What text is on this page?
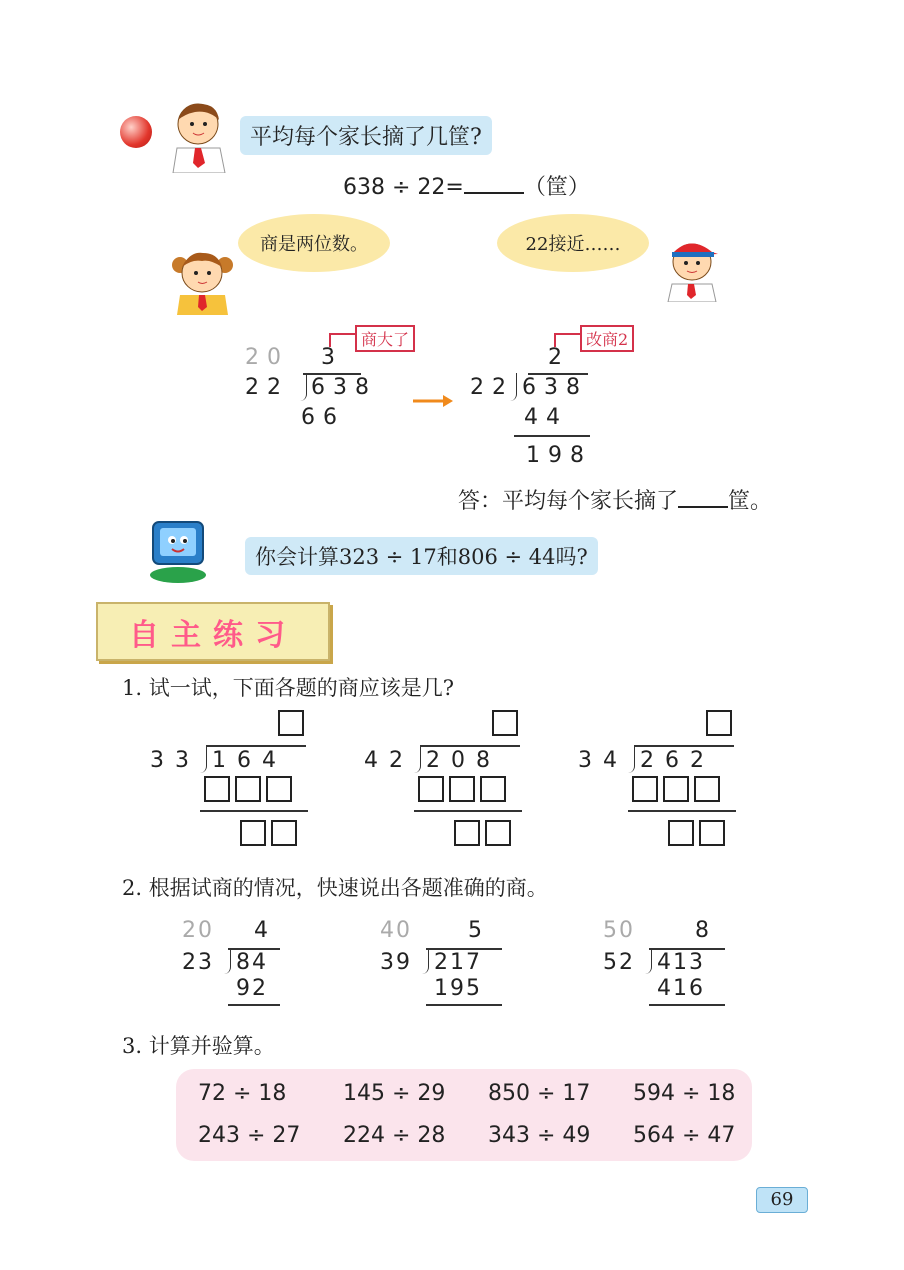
平均每个家长摘了几筐?
638 ÷ 22=	（筐）
商是两位数。	22接近……
商大了
20 3
22 638
66
改商2
2
22 638
44
198
答：平均每个家长摘了 筐。
你会计算323 ÷ 17和806 ÷ 44吗?
自主练习
1. 试一试，下面各题的商应该是几?
3 3 1 6 4	4 2 2 0 8	3 4 2 6 2
2. 根据试商的情况，快速说出各题准确的商。
20 4
23 84
92
40	5
39 217
195
50	8
52 413
416
3. 计算并验算。
72 ÷ 18	145 ÷ 29	850 ÷ 17	594 ÷ 18
243 ÷ 27	224 ÷ 28	343 ÷ 49	564 ÷ 47
69
